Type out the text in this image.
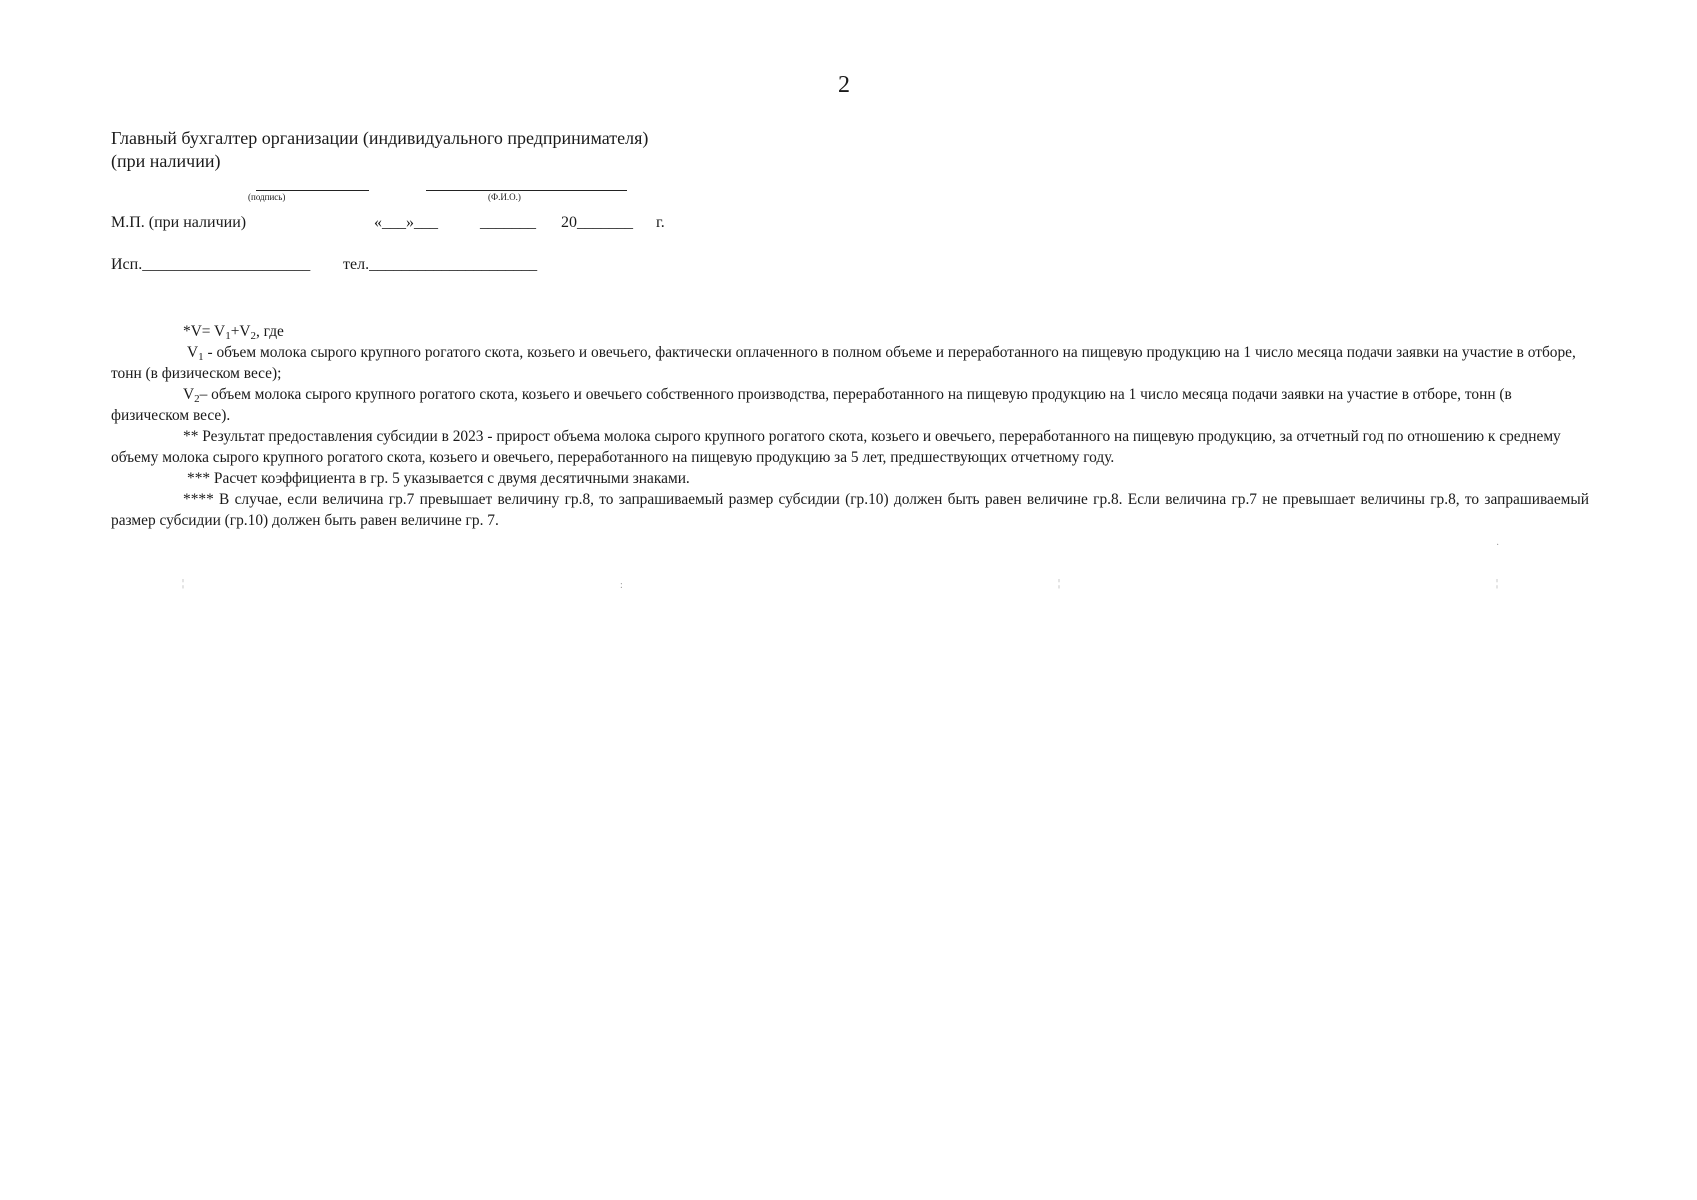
2
Главный бухгалтер организации (индивидуального предпринимателя)
(при наличии)
(подпись)	(Ф.И.О.)
М.П. (при наличии)	«___»___	_______ 20_______ г.
Исп._____________________ тел._____________________

$*V= V_1+V_2$, где

$V_1$ - объем молока сырого крупного рогатого скота, козьего и овечьего, фактически оплаченного в полном объеме и переработанного на пищевую продукцию на 1 число месяца подачи заявки на участие в отборе, тонн (в физическом весе);

$V_2-$ объем молока сырого крупного рогатого скота, козьего и овечьего собственного производства, переработанного на пищевую продукцию на 1 число месяца подачи заявки на участие в отборе, тонн (в физическом весе).

** Результат предоставления субсидии в 2023 - прирост объема молока сырого крупного рогатого скота, козьего и овечьего, переработанного на пищевую продукцию, за отчетный год по отношению к среднему объему молока сырого крупного рогатого скота, козьего и овечьего, переработанного на пищевую продукцию за 5 лет, предшествующих отчетному году.

*** Расчет коэффициента в гр. 5 указывается с двумя десятичными знаками.

**** В случае, если величина гр.7 превышает величину гр.8, то запрашиваемый размер субсидии (гр.10) должен быть равен величине гр.8. Если величина гр.7 не превышает величины гр.8, то запрашиваемый размер субсидии (гр.10) должен быть равен величине гр. 7.

¦	:	¦	¦
·
